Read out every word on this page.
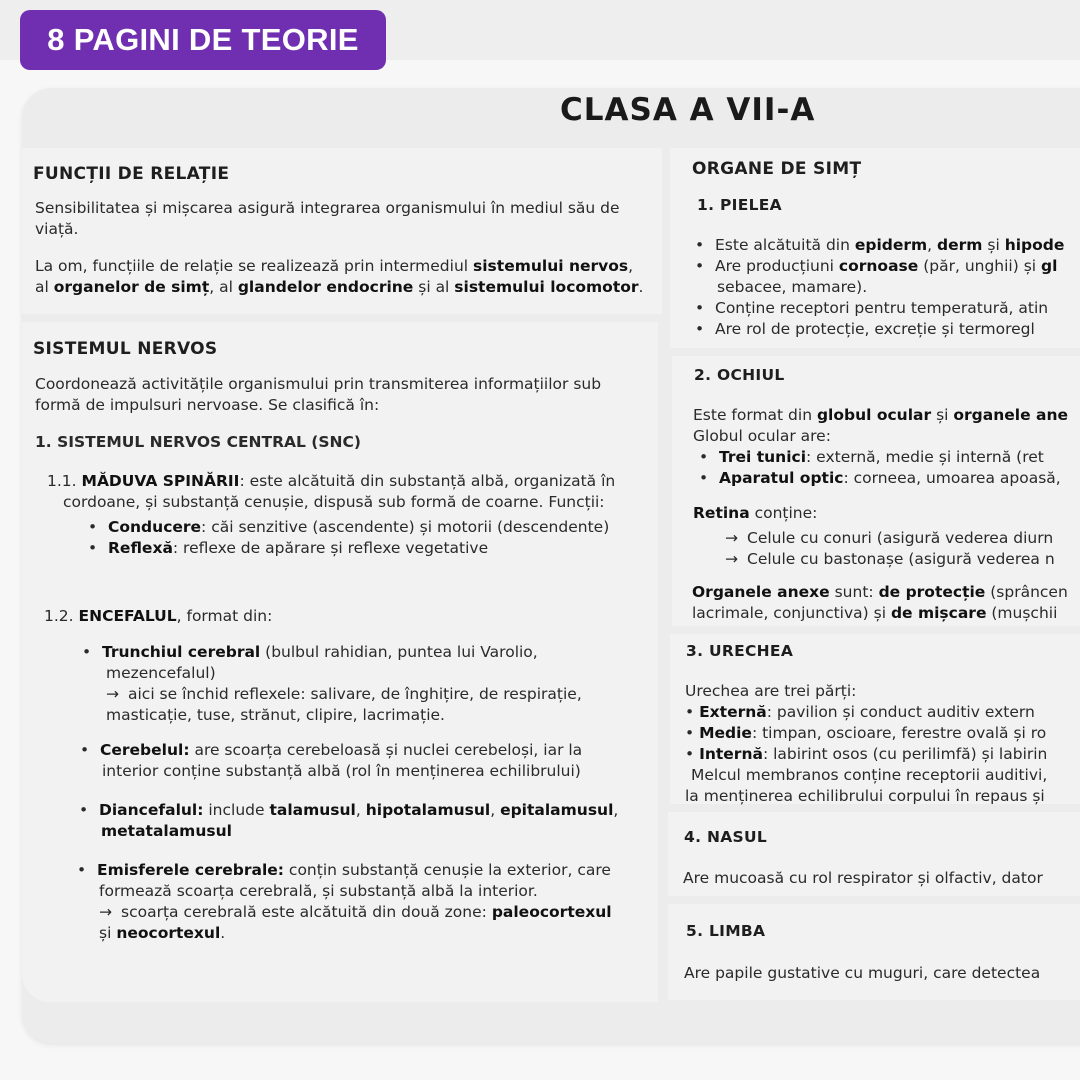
8 PAGINI DE TEORIE
CLASA A VII-A
FUNCȚII DE RELAȚIE
Sensibilitatea și mișcarea asigură integrarea organismului în mediul său de
viață.
La om, funcțiile de relație se realizează prin intermediul sistemului nervos,
al organelor de simț, al glandelor endocrine și al sistemului locomotor.
SISTEMUL NERVOS
Coordonează activitățile organismului prin transmiterea informațiilor sub
formă de impulsuri nervoase. Se clasifică în:
1. SISTEMUL NERVOS CENTRAL (SNC)
1.1. MĂDUVA SPINĂRII: este alcătuită din substanță albă, organizată în
cordoane, și substanță cenușie, dispusă sub formă de coarne. Funcții:
• Conducere: căi senzitive (ascendente) și motorii (descendente)
• Reflexă: reflexe de apărare și reflexe vegetative
1.2. ENCEFALUL, format din:
• Trunchiul cerebral (bulbul rahidian, puntea lui Varolio,
mezencefalul)
→ aici se închid reflexele: salivare, de înghițire, de respirație,
masticație, tuse, strănut, clipire, lacrimație.
• Cerebelul: are scoarța cerebeloasă și nuclei cerebeloși, iar la
interior conține substanță albă (rol în menținerea echilibrului)
• Diancefalul: include talamusul, hipotalamusul, epitalamusul,
metatalamusul
• Emisferele cerebrale: conțin substanță cenușie la exterior, care
formează scoarța cerebrală, și substanță albă la interior.
→ scoarța cerebrală este alcătuită din două zone: paleocortexul
și neocortexul.
ORGANE DE SIMȚ
1. PIELEA
• Este alcătuită din epiderm, derm și hipode
• Are producțiuni cornoase (păr, unghii) și gl
sebacee, mamare).
• Conține receptori pentru temperatură, atin
• Are rol de protecție, excreție și termoregl
2. OCHIUL
Este format din globul ocular și organele ane
Globul ocular are:
• Trei tunici: externă, medie și internă (ret
• Aparatul optic: corneea, umoarea apoasă,
Retina conține:
→ Celule cu conuri (asigură vederea diurn
→ Celule cu bastonașe (asigură vederea n
Organele anexe sunt: de protecție (sprâncen
lacrimale, conjunctiva) și de mișcare (mușchii
3. URECHEA
Urechea are trei părți:
• Externă: pavilion și conduct auditiv extern
• Medie: timpan, oscioare, ferestre ovală și ro
• Internă: labirint osos (cu perilimfă) și labirin
Melcul membranos conține receptorii auditivi,
la menținerea echilibrului corpului în repaus și
4. NASUL
Are mucoasă cu rol respirator și olfactiv, dator
5. LIMBA
Are papile gustative cu muguri, care detectea
